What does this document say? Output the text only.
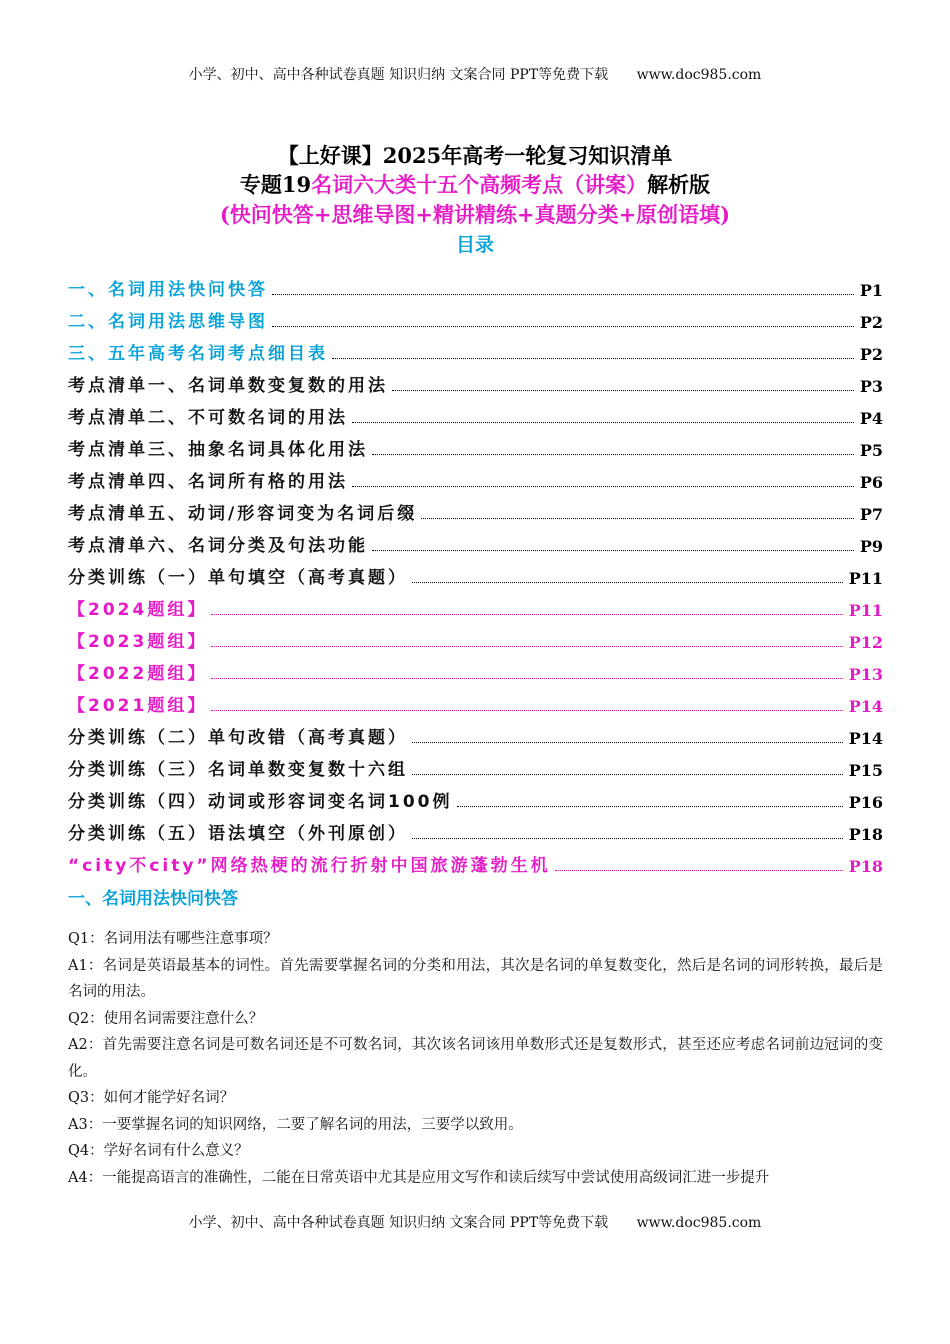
小学、初中、高中各种试卷真题 知识归纳 文案合同 PPT等免费下载 www.doc985.com
【上好课】2025年高考一轮复习知识清单
专题19名词六大类十五个高频考点（讲案）解析版
(快问快答+思维导图+精讲精练+真题分类+原创语填)
目录
一、名词用法快问快答	P1
二、名词用法思维导图	P2
三、五年高考名词考点细目表	P2
考点清单一、名词单数变复数的用法	P3
考点清单二、不可数名词的用法	P4
考点清单三、抽象名词具体化用法	P5
考点清单四、名词所有格的用法	P6
考点清单五、动词/形容词变为名词后缀	P7
考点清单六、名词分类及句法功能	P9
分类训练（一）单句填空（高考真题）	P11
【2024题组】	P11
【2023题组】	P12
【2022题组】	P13
【2021题组】	P14
分类训练（二）单句改错（高考真题）	P14
分类训练（三）名词单数变复数十六组	P15
分类训练（四）动词或形容词变名词100例	P16
分类训练（五）语法填空（外刊原创）	P18
“city不city”网络热梗的流行折射中国旅游蓬勃生机	P18
一、名词用法快问快答

Q1：名词用法有哪些注意事项？

A1：名词是英语最基本的词性。首先需要掌握名词的分类和用法，其次是名词的单复数变化，然后是名词的词形转换，最后是名词的用法。

Q2：使用名词需要注意什么？

A2：首先需要注意名词是可数名词还是不可数名词，其次该名词该用单数形式还是复数形式，甚至还应考虑名词前边冠词的变化。

Q3：如何才能学好名词？

A3：一要掌握名词的知识网络，二要了解名词的用法，三要学以致用。

Q4：学好名词有什么意义？

A4：一能提高语言的准确性，二能在日常英语中尤其是应用文写作和读后续写中尝试使用高级词汇进一步提升

小学、初中、高中各种试卷真题 知识归纳 文案合同 PPT等免费下载 www.doc985.com
